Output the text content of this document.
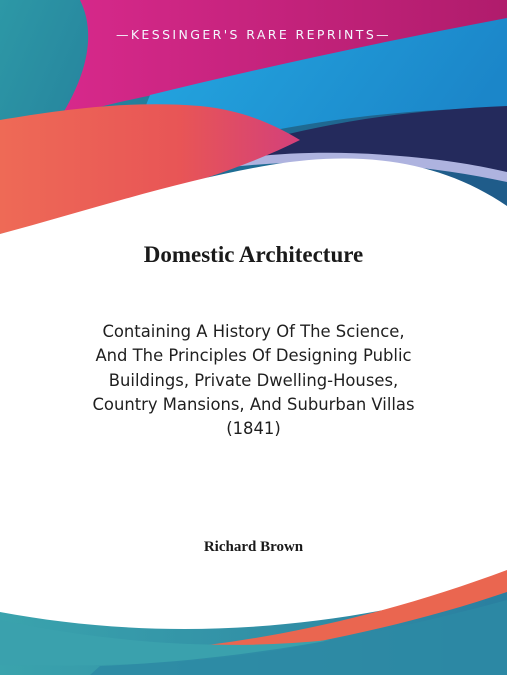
—KESSINGER'S RARE REPRINTS—
Domestic Architecture
Containing A History Of The Science,
And The Principles Of Designing Public
Buildings, Private Dwelling-Houses,
Country Mansions, And Suburban Villas
(1841)
Richard Brown
